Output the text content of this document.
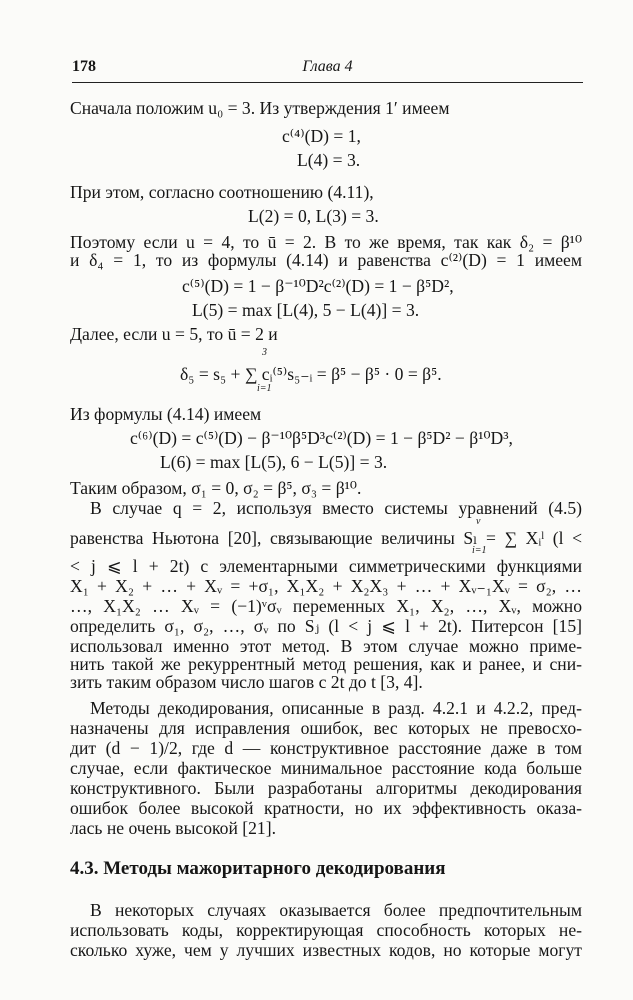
178	Глава 4
Сначала положим u₀ = 3. Из утверждения 1′ имеем
c⁽⁴⁾(D) = 1,
L(4) = 3.
При этом, согласно соотношению (4.11),
L(2) = 0, L(3) = 3.
Поэтому если u = 4, то ū = 2. В то же время, так как δ₂ = β¹⁰
и δ₄ = 1, то из формулы (4.14) и равенства c⁽²⁾(D) = 1 имеем
c⁽⁵⁾(D) = 1 − β⁻¹⁰D²c⁽²⁾(D) = 1 − β⁵D²,
L(5) = max [L(4), 5 − L(4)] = 3.
Далее, если u = 5, то ū = 2 и
3
δ₅ = s₅ + ∑ cᵢ⁽⁵⁾s₅₋ᵢ = β⁵ − β⁵ · 0 = β⁵.
i=1
Из формулы (4.14) имеем
c⁽⁶⁾(D) = c⁽⁵⁾(D) − β⁻¹⁰β⁵D³c⁽²⁾(D) = 1 − β⁵D² − β¹⁰D³,
L(6) = max [L(5), 6 − L(5)] = 3.
Таким образом, σ₁ = 0, σ₂ = β⁵, σ₃ = β¹⁰.
В случае q = 2, используя вместо системы уравнений (4.5)
v
равенства Ньютона [20], связывающие величины Sₗ = ∑ Xᵢˡ (l <
i=1
< j ⩽ l + 2t) с элементарными симметрическими функциями
X₁ + X₂ + … + Xᵥ = +σ₁, X₁X₂ + X₂X₃ + … + Xᵥ₋₁Xᵥ = σ₂, …
…, X₁X₂ … Xᵥ = (−1)ᵛσᵥ переменных X₁, X₂, …, Xᵥ, можно
определить σ₁, σ₂, …, σᵥ по Sⱼ (l < j ⩽ l + 2t). Питерсон [15]
использовал именно этот метод. В этом случае можно приме-
нить такой же рекуррентный метод решения, как и ранее, и сни-
зить таким образом число шагов с 2t до t [3, 4].
Методы декодирования, описанные в разд. 4.2.1 и 4.2.2, пред-
назначены для исправления ошибок, вес которых не превосхо-
дит (d − 1)/2, где d — конструктивное расстояние даже в том
случае, если фактическое минимальное расстояние кода больше
конструктивного. Были разработаны алгоритмы декодирования
ошибок более высокой кратности, но их эффективность оказа-
лась не очень высокой [21].
4.3. Методы мажоритарного декодирования
В некоторых случаях оказывается более предпочтительным
использовать коды, корректирующая способность которых не-
сколько хуже, чем у лучших известных кодов, но которые могут
